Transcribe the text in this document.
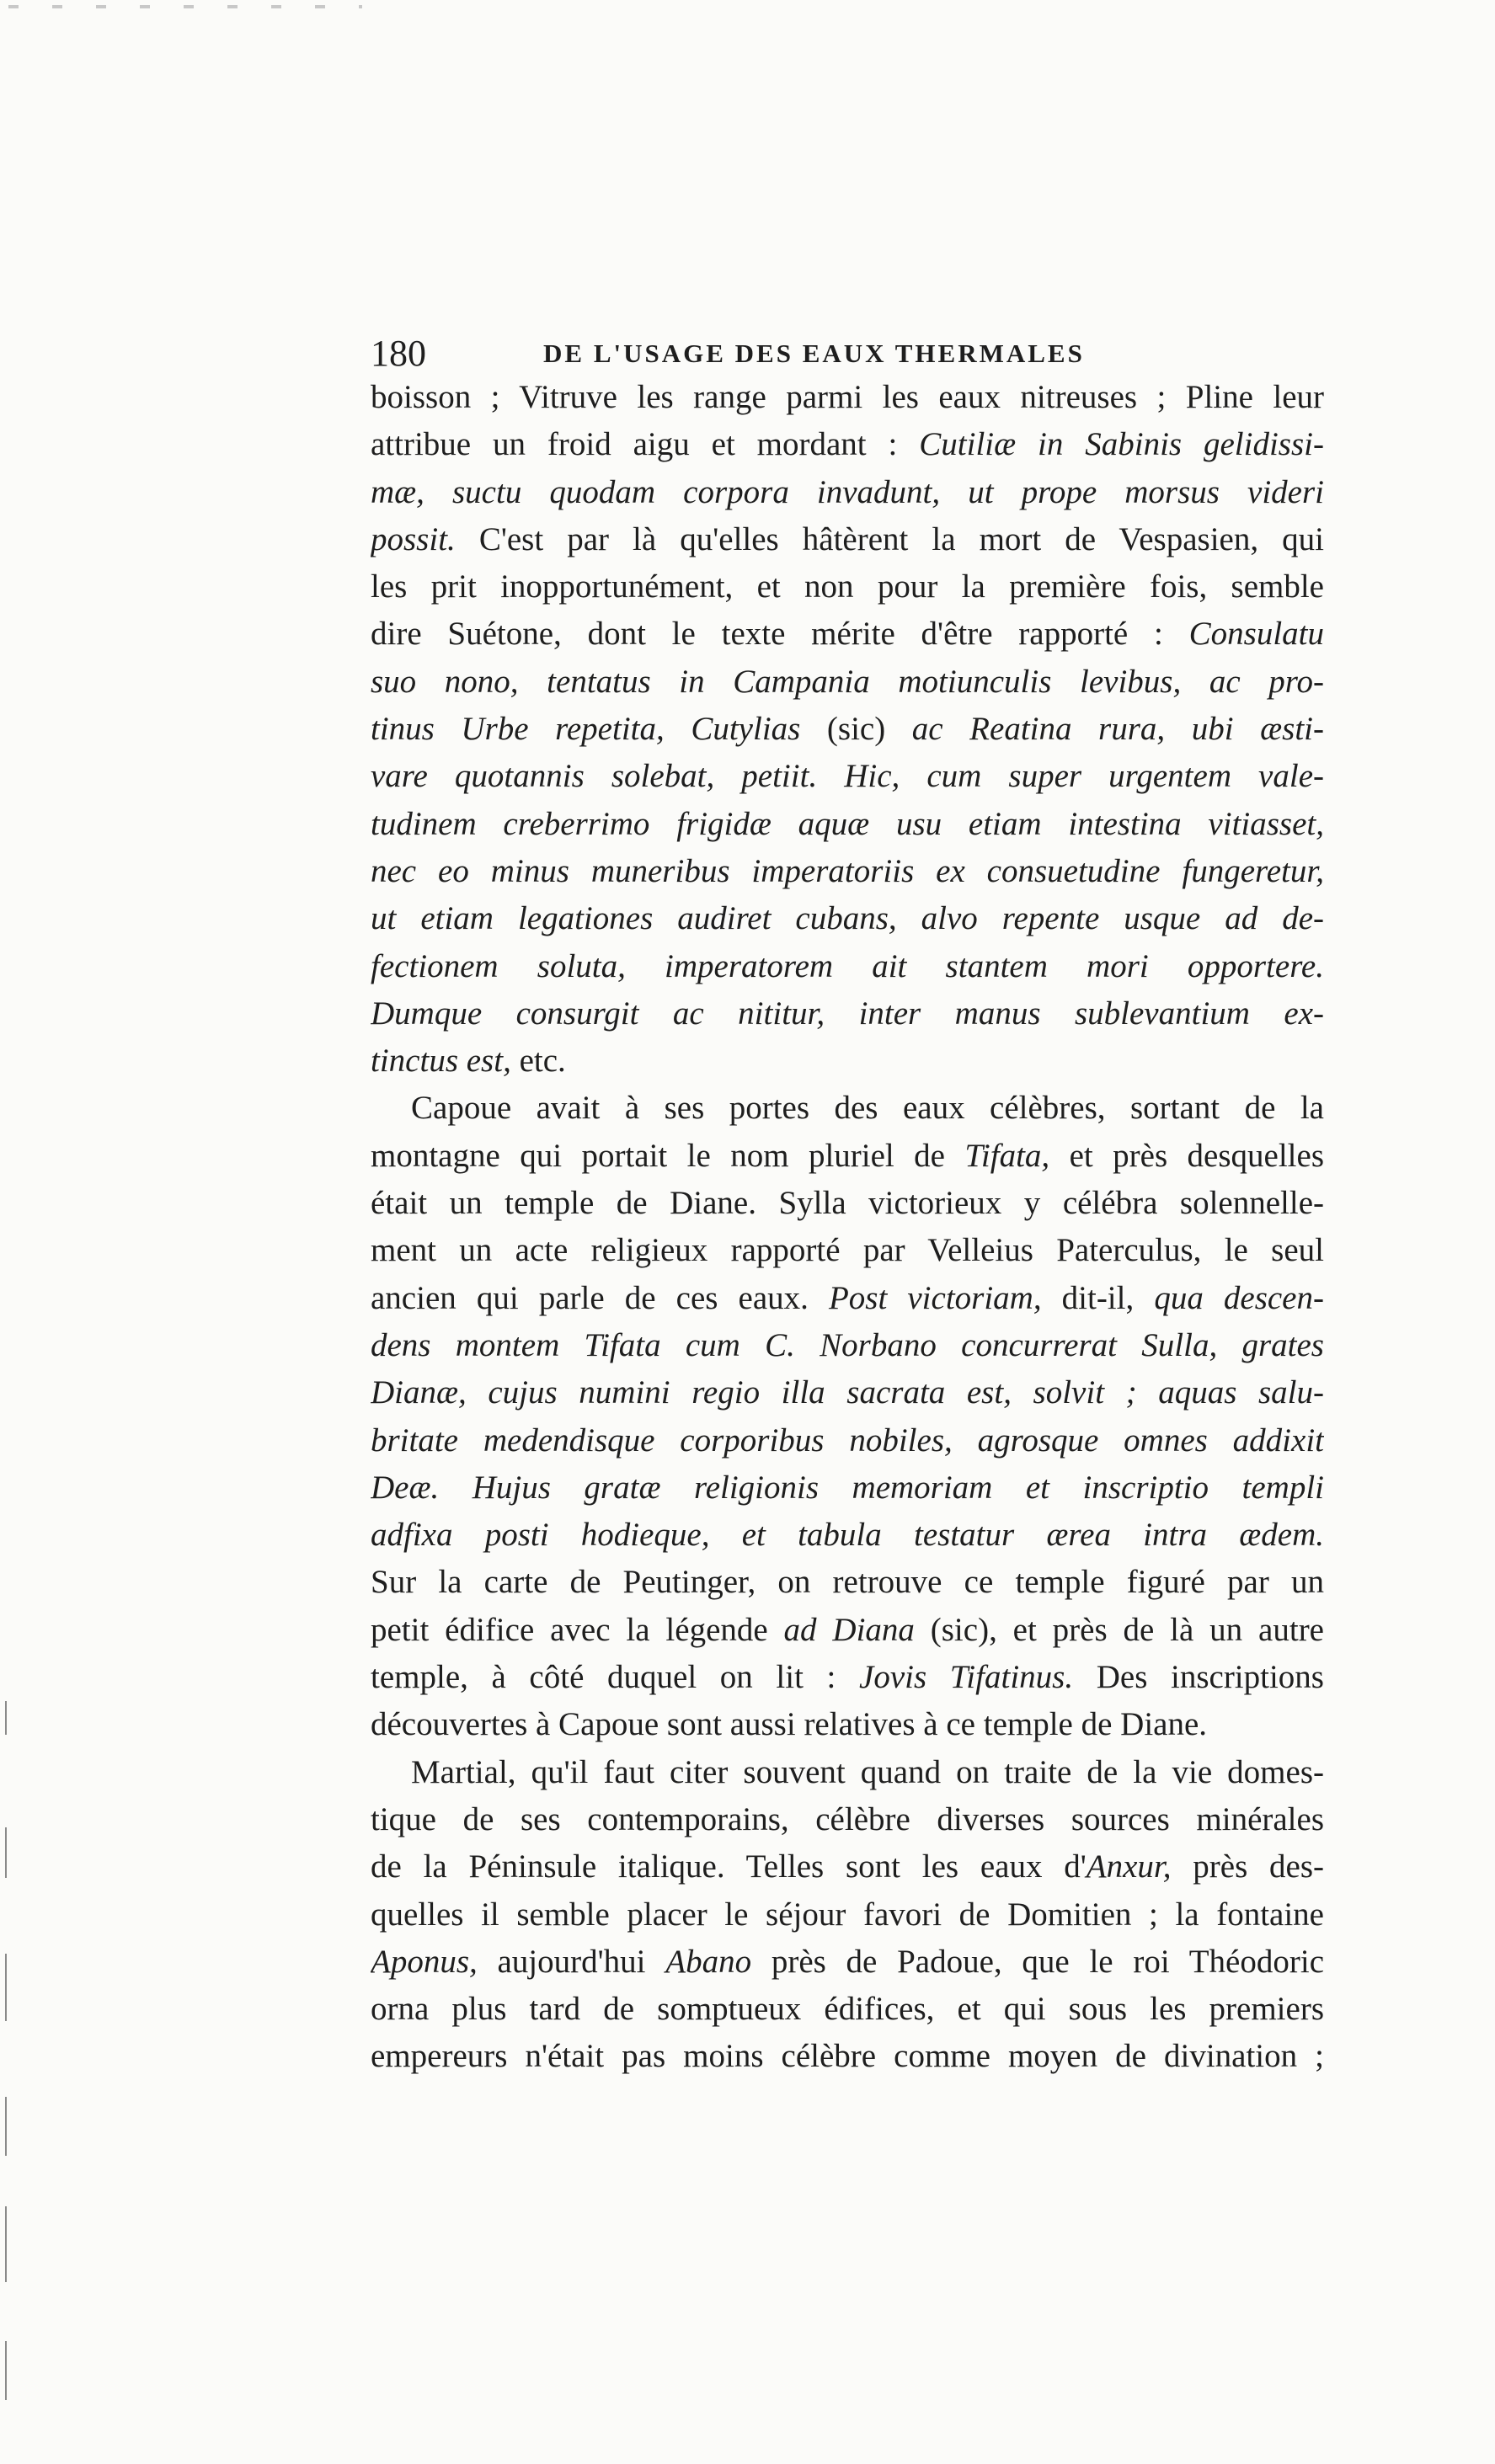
180	DE L'USAGE DES EAUX THERMALES
boisson ; Vitruve les range parmi les eaux nitreuses ; Pline leur
attribue un froid aigu et mordant : Cutiliæ in Sabinis gelidissi-
mæ, suctu quodam corpora invadunt, ut prope morsus videri
possit. C'est par là qu'elles hâtèrent la mort de Vespasien, qui
les prit inopportunément, et non pour la première fois, semble
dire Suétone, dont le texte mérite d'être rapporté : Consulatu
suo nono, tentatus in Campania motiunculis levibus, ac pro-
tinus Urbe repetita, Cutylias (sic) ac Reatina rura, ubi æsti-
vare quotannis solebat, petiit. Hic, cum super urgentem vale-
tudinem creberrimo frigidæ aquæ usu etiam intestina vitiasset,
nec eo minus muneribus imperatoriis ex consuetudine fungeretur,
ut etiam legationes audiret cubans, alvo repente usque ad de-
fectionem soluta, imperatorem ait stantem mori opportere.
Dumque consurgit ac nititur, inter manus sublevantium ex-
tinctus est, etc.
Capoue avait à ses portes des eaux célèbres, sortant de la
montagne qui portait le nom pluriel de Tifata, et près desquelles
était un temple de Diane. Sylla victorieux y célébra solennelle-
ment un acte religieux rapporté par Velleius Paterculus, le seul
ancien qui parle de ces eaux. Post victoriam, dit-il, qua descen-
dens montem Tifata cum C. Norbano concurrerat Sulla, grates
Dianæ, cujus numini regio illa sacrata est, solvit ; aquas salu-
britate medendisque corporibus nobiles, agrosque omnes addixit
Deæ. Hujus gratæ religionis memoriam et inscriptio templi
adfixa posti hodieque, et tabula testatur ærea intra ædem.
Sur la carte de Peutinger, on retrouve ce temple figuré par un
petit édifice avec la légende ad Diana (sic), et près de là un autre
temple, à côté duquel on lit : Jovis Tifatinus. Des inscriptions
découvertes à Capoue sont aussi relatives à ce temple de Diane.
Martial, qu'il faut citer souvent quand on traite de la vie domes-
tique de ses contemporains, célèbre diverses sources minérales
de la Péninsule italique. Telles sont les eaux d'Anxur, près des-
quelles il semble placer le séjour favori de Domitien ; la fontaine
Aponus, aujourd'hui Abano près de Padoue, que le roi Théodoric
orna plus tard de somptueux édifices, et qui sous les premiers
empereurs n'était pas moins célèbre comme moyen de divination ;
